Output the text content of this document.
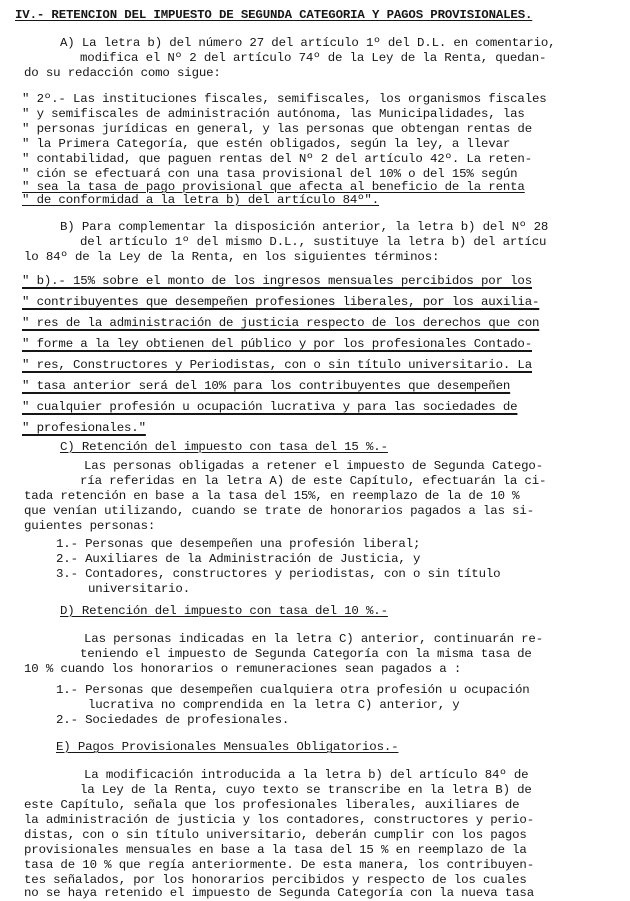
IV.- RETENCION DEL IMPUESTO DE SEGUNDA CATEGORIA Y PAGOS PROVISIONALES.
A) La letra b) del número 27 del artículo 1º del D.L. en comentario,
modifica el Nº 2 del artículo 74º de la Ley de la Renta, quedan-
do su redacción como sigue:
" 2º.- Las instituciones fiscales, semifiscales, los organismos fiscales
" y semifiscales de administración autónoma, las Municipalidades, las
" personas jurídicas en general, y las personas que obtengan rentas de
" la Primera Categoría, que estén obligados, según la ley, a llevar
" contabilidad, que paguen rentas del Nº 2 del artículo 42º. La reten-
" ción se efectuará con una tasa provisional del 10% o del 15% según
" sea la tasa de pago provisional que afecta al beneficio de la renta
" de conformidad a la letra b) del artículo 84º".
B) Para complementar la disposición anterior, la letra b) del Nº 28
del artículo 1º del mismo D.L., sustituye la letra b) del artícu
lo 84º de la Ley de la Renta, en los siguientes términos:
" b).- 15% sobre el monto de los ingresos mensuales percibidos por los
" contribuyentes que desempeñen profesiones liberales, por los auxilia-
" res de la administración de justicia respecto de los derechos que con
" forme a la ley obtienen del público y por los profesionales Contado-
" res, Constructores y Periodistas, con o sin título universitario. La
" tasa anterior será del 10% para los contribuyentes que desempeñen
" cualquier profesión u ocupación lucrativa y para las sociedades de
" profesionales."
C) Retención del impuesto con tasa del 15 %.-
Las personas obligadas a retener el impuesto de Segunda Catego-
ría referidas en la letra A) de este Capítulo, efectuarán la ci-
tada retención en base a la tasa del 15%, en reemplazo de la de 10 %
que venían utilizando, cuando se trate de honorarios pagados a las si-
guientes personas:
1.- Personas que desempeñen una profesión liberal;
2.- Auxiliares de la Administración de Justicia, y
3.- Contadores, constructores y periodistas, con o sin título
universitario.
D) Retención del impuesto con tasa del 10 %.-
Las personas indicadas en la letra C) anterior, continuarán re-
teniendo el impuesto de Segunda Categoría con la misma tasa de
10 % cuando los honorarios o remuneraciones sean pagados a :
1.- Personas que desempeñen cualquiera otra profesión u ocupación
lucrativa no comprendida en la letra C) anterior, y
2.- Sociedades de profesionales.
E) Pagos Provisionales Mensuales Obligatorios.-
La modificación introducida a la letra b) del artículo 84º de
la Ley de la Renta, cuyo texto se transcribe en la letra B) de
este Capítulo, señala que los profesionales liberales, auxiliares de
la administración de justicia y los contadores, constructores y perio-
distas, con o sin título universitario, deberán cumplir con los pagos
provisionales mensuales en base a la tasa del 15 % en reemplazo de la
tasa de 10 % que regía anteriormente. De esta manera, los contribuyen-
tes señalados, por los honorarios percibidos y respecto de los cuales
no se haya retenido el impuesto de Segunda Categoría con la nueva tasa
